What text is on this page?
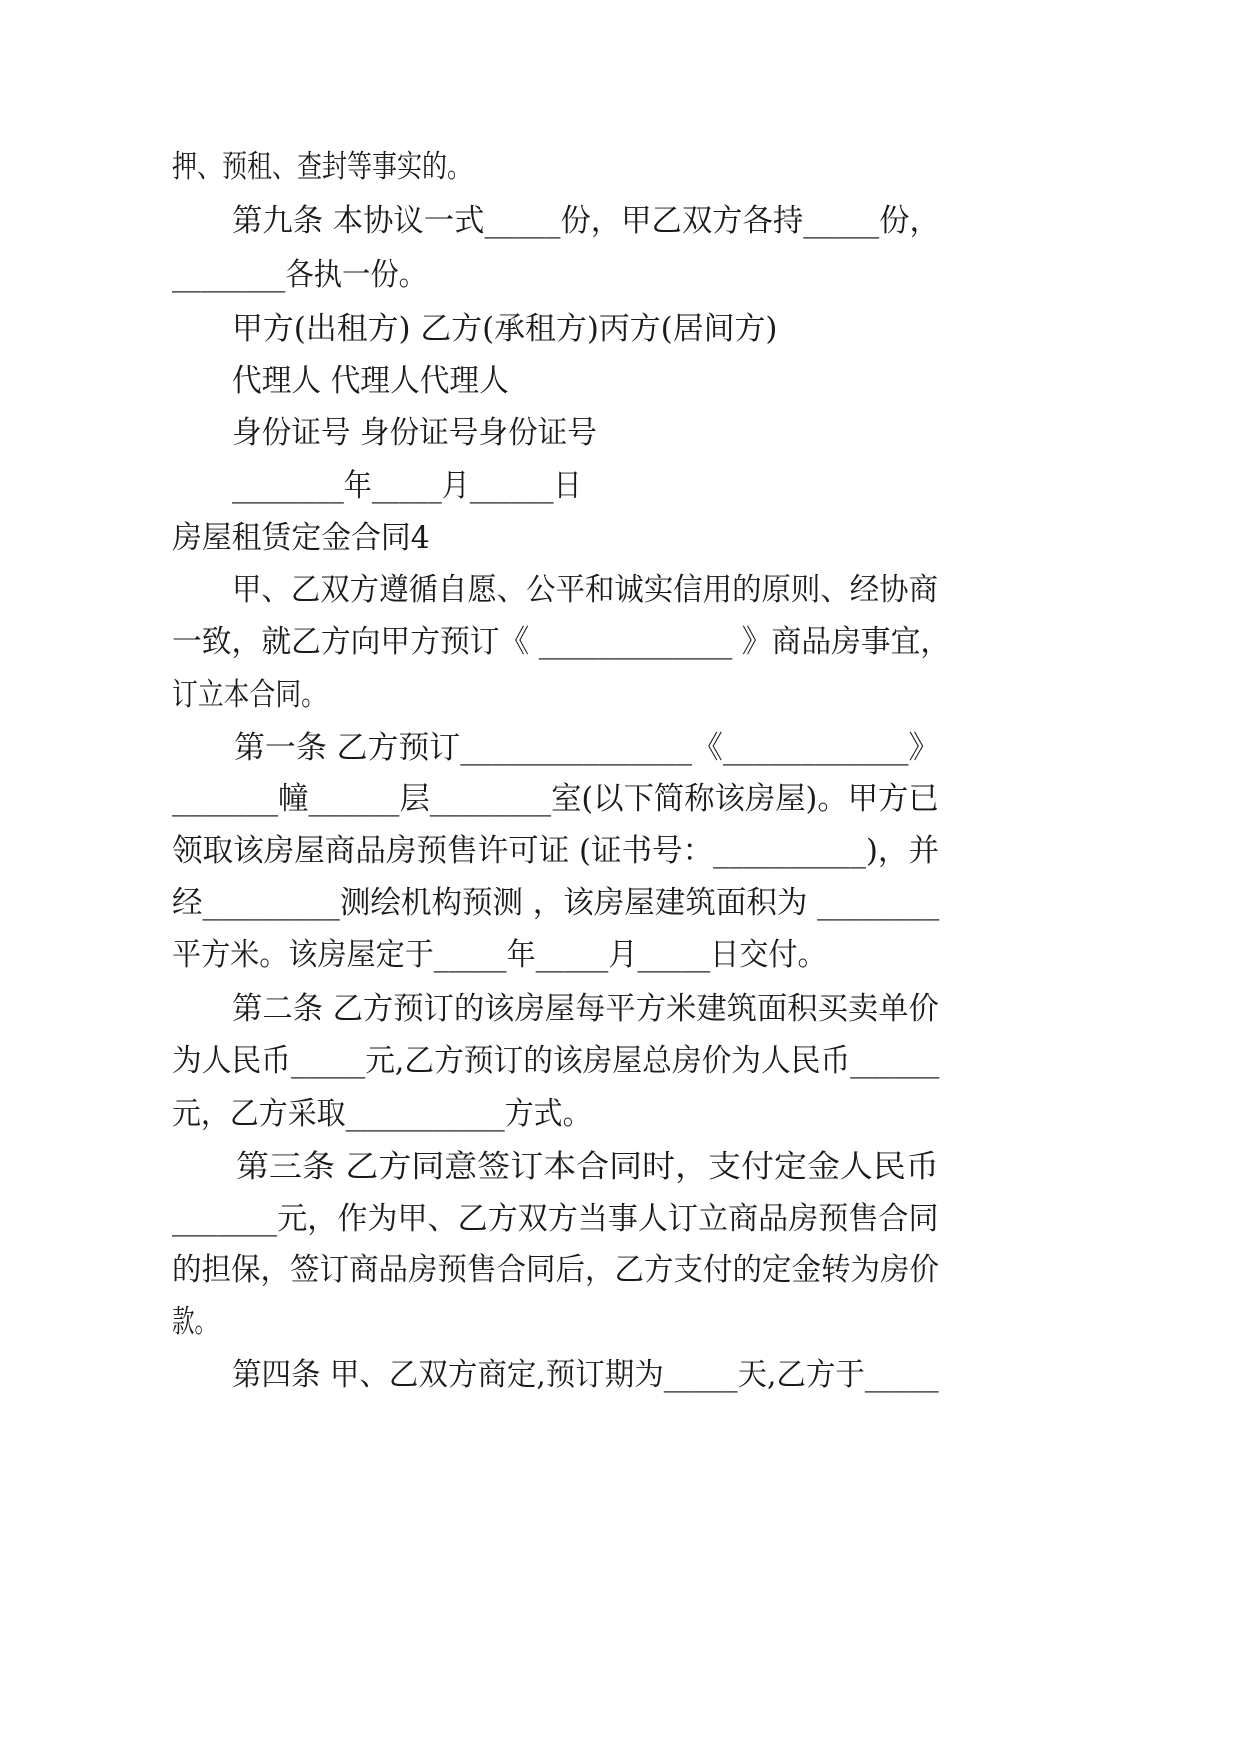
押、预租、查封等事实的。

第九条 本协议一式_____份，甲乙双方各持_____份，

________各执一份。

甲方(出租方) 乙方(承租方)丙方(居间方)

代理人 代理人代理人

身份证号 身份证号身份证号

________年_____月______日

房屋租赁定金合同4

甲、乙双方遵循自愿、公平和诚实信用的原则、经协商

一致，就乙方向甲方预订《 _____________ 》商品房事宜，

订立本合同。

第一条 乙方预订_______________《____________》

_______幢______层________室(以下简称该房屋)。甲方已

领取该房屋商品房预售许可证 (证书号：__________)，并

经_________测绘机构预测 ，该房屋建筑面积为 ________

平方米。该房屋定于_____年_____月_____日交付。

第二条 乙方预订的该房屋每平方米建筑面积买卖单价

为人民币_____元,乙方预订的该房屋总房价为人民币______

元，乙方采取___________方式。

第三条 乙方同意签订本合同时，支付定金人民币

_______元，作为甲、乙方双方当事人订立商品房预售合同

的担保，签订商品房预售合同后，乙方支付的定金转为房价

款。

第四条 甲、乙双方商定,预订期为_____天,乙方于_____
